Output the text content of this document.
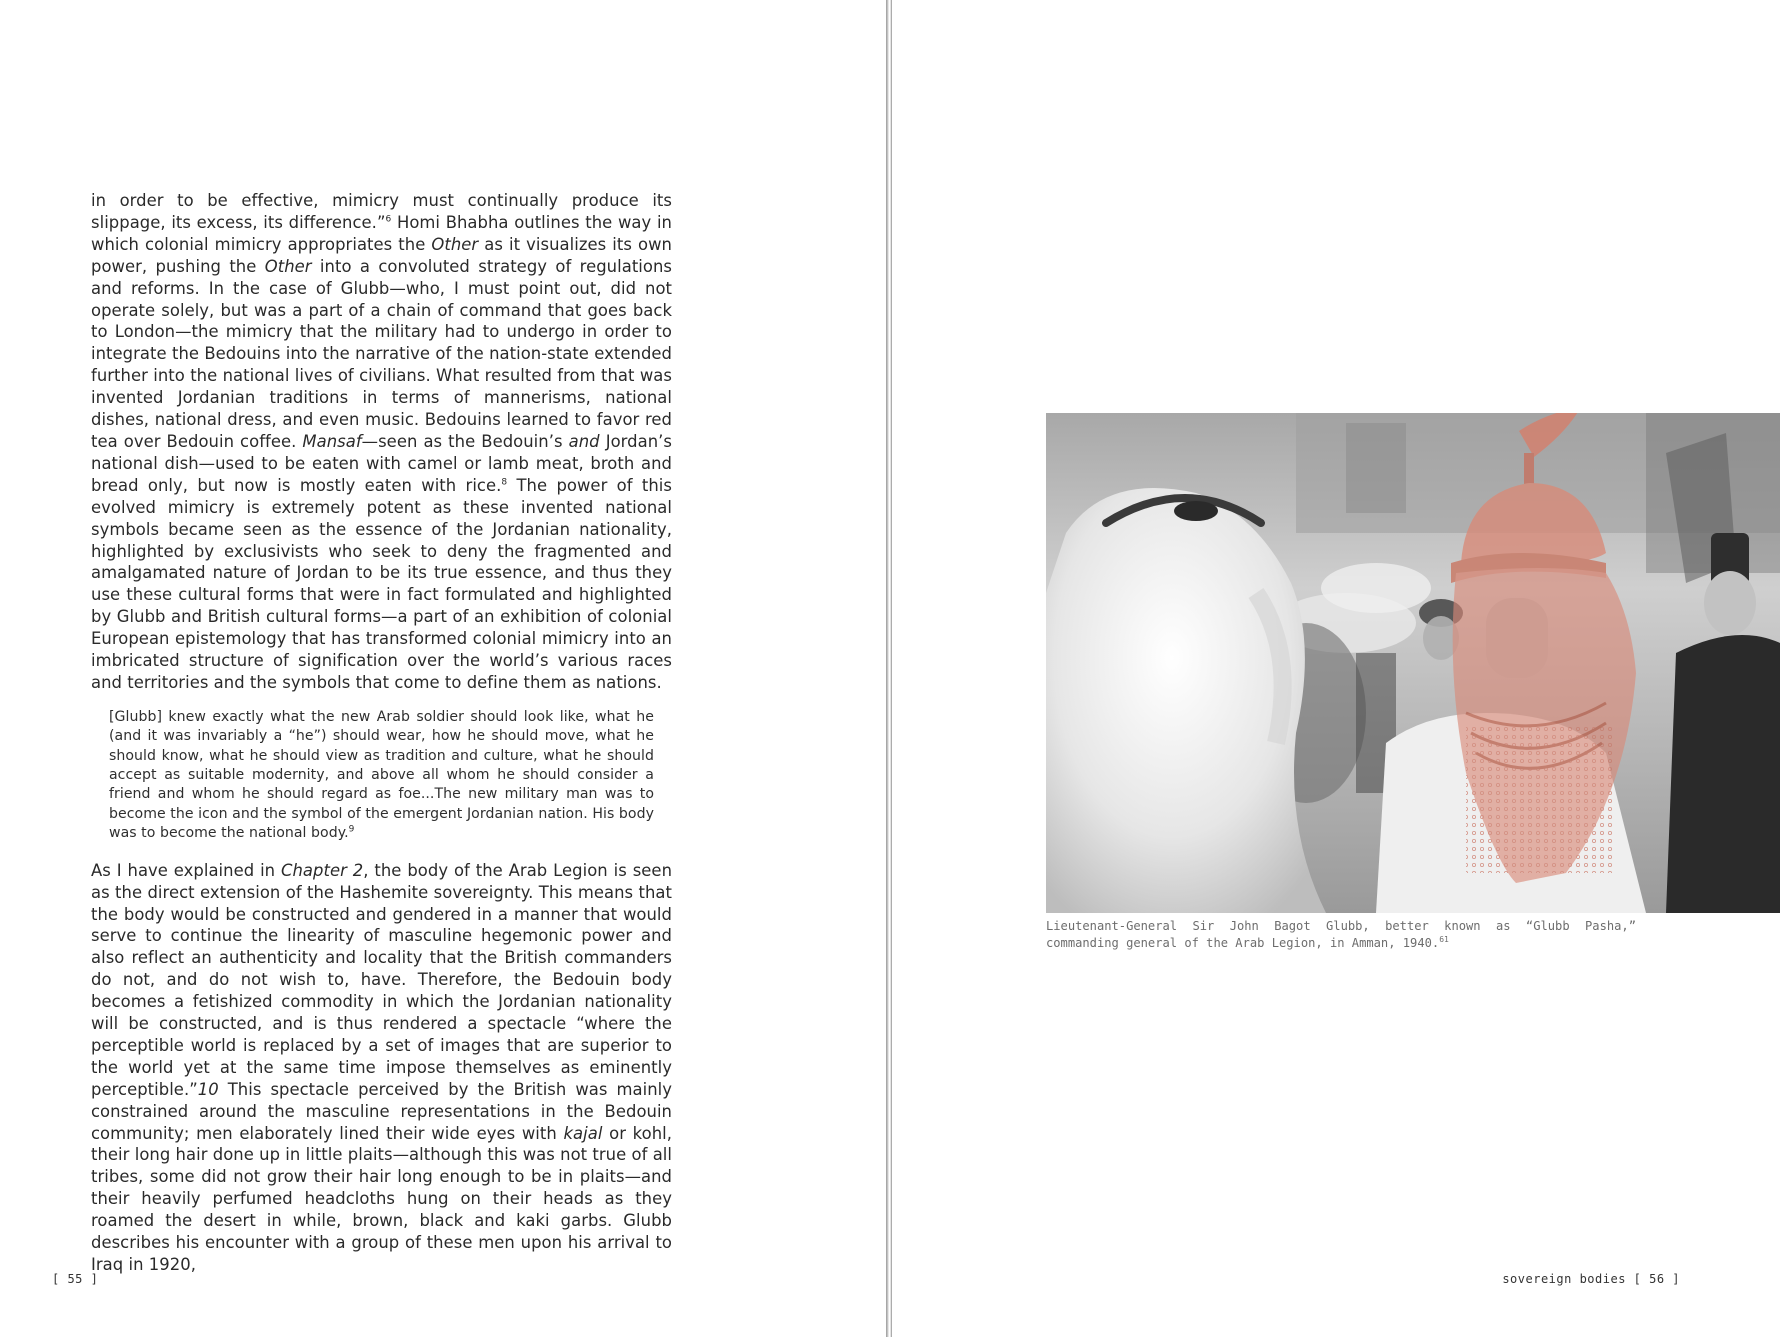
in order to be effective, mimicry must continually produce its slippage, its excess, its difference.”$^6$ Homi Bhabha outlines the way in which colonial mimicry appropriates the Other as it visualizes its own power, pushing the Other into a convoluted strategy of regulations and reforms. In the case of Glubb—who, I must point out, did not operate solely, but was a part of a chain of command that goes back to London—the mimicry that the military had to undergo in order to integrate the Bedouins into the narrative of the nation-state extended further into the national lives of civilians. What resulted from that was invented Jordanian traditions in terms of mannerisms, national dishes, national dress, and even music. Bedouins learned to favor red tea over Bedouin coffee. Mansaf—seen as the Bedouin’s and Jordan’s national dish—used to be eaten with camel or lamb meat, broth and bread only, but now is mostly eaten with rice.$^8$ The power of this evolved mimicry is extremely potent as these invented national symbols became seen as the essence of the Jordanian nationality, highlighted by exclusivists who seek to deny the fragmented and amalgamated nature of Jordan to be its true essence, and thus they use these cultural forms that were in fact formulated and highlighted by Glubb and British cultural forms—a part of an exhibition of colonial European epistemology that has transformed colonial mimicry into an imbricated structure of signification over the world’s various races and territories and the symbols that come to define them as nations.

[Glubb] knew exactly what the new Arab soldier should look like, what he (and it was invariably a “he”) should wear, how he should move, what he should know, what he should view as tradition and culture, what he should accept as suitable modernity, and above all whom he should consider a friend and whom he should regard as foe...The new military man was to become the icon and the symbol of the emergent Jordanian nation. His body was to become the national body.$^9$

As I have explained in Chapter 2, the body of the Arab Legion is seen as the direct extension of the Hashemite sovereignty. This means that the body would be constructed and gendered in a manner that would serve to continue the linearity of masculine hegemonic power and also reflect an authenticity and locality that the British commanders do not, and do not wish to, have. Therefore, the Bedouin body becomes a fetishized commodity in which the Jordanian nationality will be constructed, and is thus rendered a spectacle “where the perceptible world is replaced by a set of images that are superior to the world yet at the same time impose themselves as eminently perceptible.”10 This spectacle perceived by the British was mainly constrained around the masculine representations in the Bedouin community; men elaborately lined their wide eyes with kajal or kohl, their long hair done up in little plaits—although this was not true of all tribes, some did not grow their hair long enough to be in plaits—and their heavily perfumed headcloths hung on their heads as they roamed the desert in while, brown, black and kaki garbs. Glubb describes his encounter with a group of these men upon his arrival to Iraq in 1920,

[ 55 ]
Lieutenant-General Sir John Bagot Glubb, better known as “Glubb Pasha,” commanding general of the Arab Legion, in Amman, 1940.61
sovereign bodies [ 56 ]
